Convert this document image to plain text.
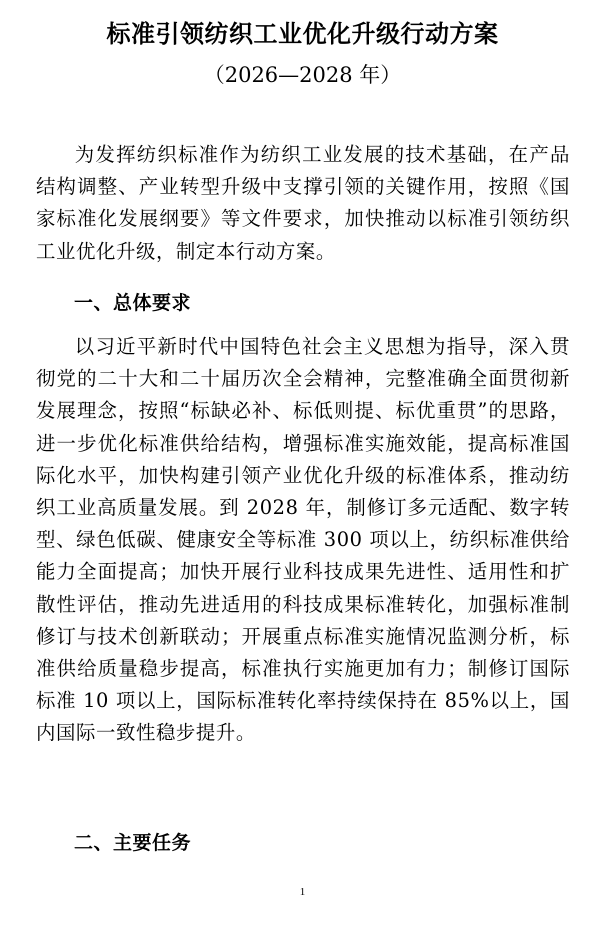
标准引领纺织工业优化升级行动方案
（2026—2028 年）

为发挥纺织标准作为纺织工业发展的技术基础，在产品结构调整、产业转型升级中支撑引领的关键作用，按照《国家标准化发展纲要》等文件要求，加快推动以标准引领纺织工业优化升级，制定本行动方案。

一、总体要求

以习近平新时代中国特色社会主义思想为指导，深入贯彻党的二十大和二十届历次全会精神，完整准确全面贯彻新发展理念，按照“标缺必补、标低则提、标优重贯”的思路，进一步优化标准供给结构，增强标准实施效能，提高标准国际化水平，加快构建引领产业优化升级的标准体系，推动纺织工业高质量发展。到 2028 年，制修订多元适配、数字转型、绿色低碳、健康安全等标准 300 项以上，纺织标准供给能力全面提高；加快开展行业科技成果先进性、适用性和扩散性评估，推动先进适用的科技成果标准转化，加强标准制修订与技术创新联动；开展重点标准实施情况监测分析，标准供给质量稳步提高，标准执行实施更加有力；制修订国际标准 10 项以上，国际标准转化率持续保持在 85%以上，国内国际一致性稳步提升。

二、主要任务
1
